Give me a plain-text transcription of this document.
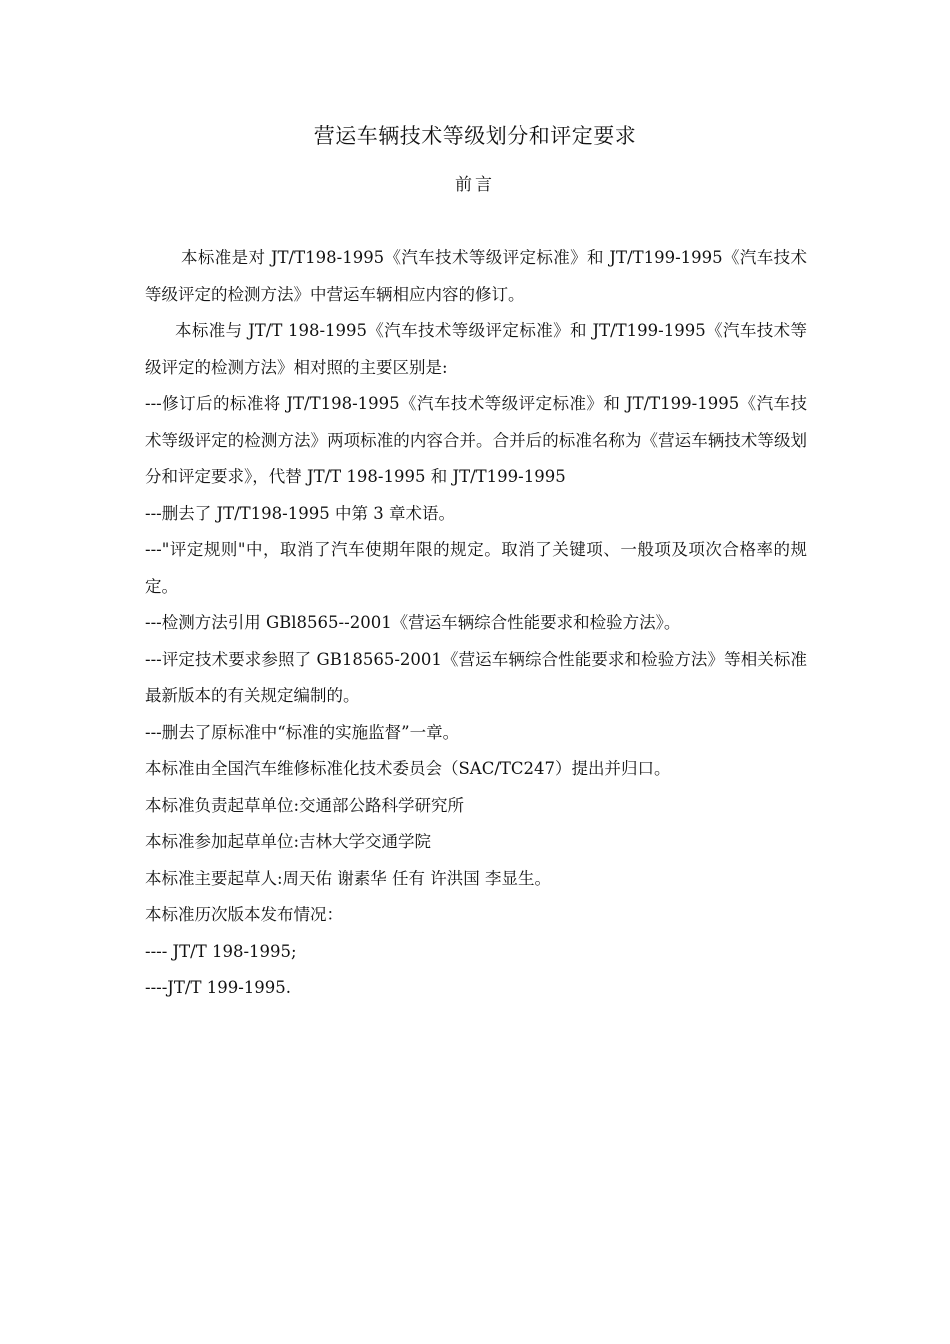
营运车辆技术等级划分和评定要求
前言

本标准是对 JT/T198-1995《汽车技术等级评定标准》和 JT/T199-1995《汽车技术等级评定的检测方法》中营运车辆相应内容的修订。

本标准与 JT/T 198-1995《汽车技术等级评定标准》和 JT/T199-1995《汽车技术等级评定的检测方法》相对照的主要区别是:

---修订后的标准将 JT/T198-1995《汽车技术等级评定标准》和 JT/T199-1995《汽车技术等级评定的检测方法》两项标准的内容合并。合并后的标准名称为《营运车辆技术等级划分和评定要求》，代替 JT/T 198-1995 和 JT/T199-1995

---删去了 JT/T198-1995 中第 3 章术语。

---"评定规则"中，取消了汽车使期年限的规定。取消了关键项、一般项及项次合格率的规定。

---检测方法引用 GBl8565--2001《营运车辆综合性能要求和检验方法》。

---评定技术要求参照了 GB18565-2001《营运车辆综合性能要求和检验方法》等相关标准最新版本的有关规定编制的。

---删去了原标准中“标准的实施监督”一章。

本标准由全国汽车维修标准化技术委员会（SAC/TC247）提出并归口。

本标准负责起草单位:交通部公路科学研究所

本标准参加起草单位:吉林大学交通学院

本标准主要起草人:周天佑 谢素华 任有 许洪国 李显生。

本标准历次版本发布情况：

---- JT/T 198-1995;

----JT/T 199-1995.
